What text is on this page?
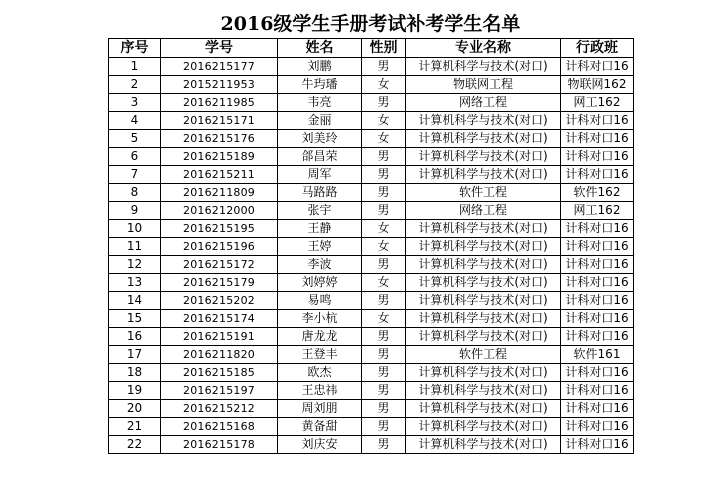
2016级学生手册考试补考学生名单
序号	学号	姓名	性别	专业名称	行政班
1	2016215177	刘鹏	男	计算机科学与技术(对口)	计科对口16
2	2015211953	牛玙璠	女	物联网工程	物联网162
3	2016211985	韦亮	男	网络工程	网工162
4	2016215171	金丽	女	计算机科学与技术(对口)	计科对口16
5	2016215176	刘美玲	女	计算机科学与技术(对口)	计科对口16
6	2016215189	郃昌荣	男	计算机科学与技术(对口)	计科对口16
7	2016215211	周军	男	计算机科学与技术(对口)	计科对口16
8	2016211809	马路路	男	软件工程	软件162
9	2016212000	张宇	男	网络工程	网工162
10	2016215195	王静	女	计算机科学与技术(对口)	计科对口16
11	2016215196	王婷	女	计算机科学与技术(对口)	计科对口16
12	2016215172	李波	男	计算机科学与技术(对口)	计科对口16
13	2016215179	刘婷婷	女	计算机科学与技术(对口)	计科对口16
14	2016215202	易鸣	男	计算机科学与技术(对口)	计科对口16
15	2016215174	李小杭	女	计算机科学与技术(对口)	计科对口16
16	2016215191	唐龙龙	男	计算机科学与技术(对口)	计科对口16
17	2016211820	王登丰	男	软件工程	软件161
18	2016215185	欧杰	男	计算机科学与技术(对口)	计科对口16
19	2016215197	王忠祎	男	计算机科学与技术(对口)	计科对口16
20	2016215212	周刘朋	男	计算机科学与技术(对口)	计科对口16
21	2016215168	黄备甜	男	计算机科学与技术(对口)	计科对口16
22	2016215178	刘庆安	男	计算机科学与技术(对口)	计科对口16
